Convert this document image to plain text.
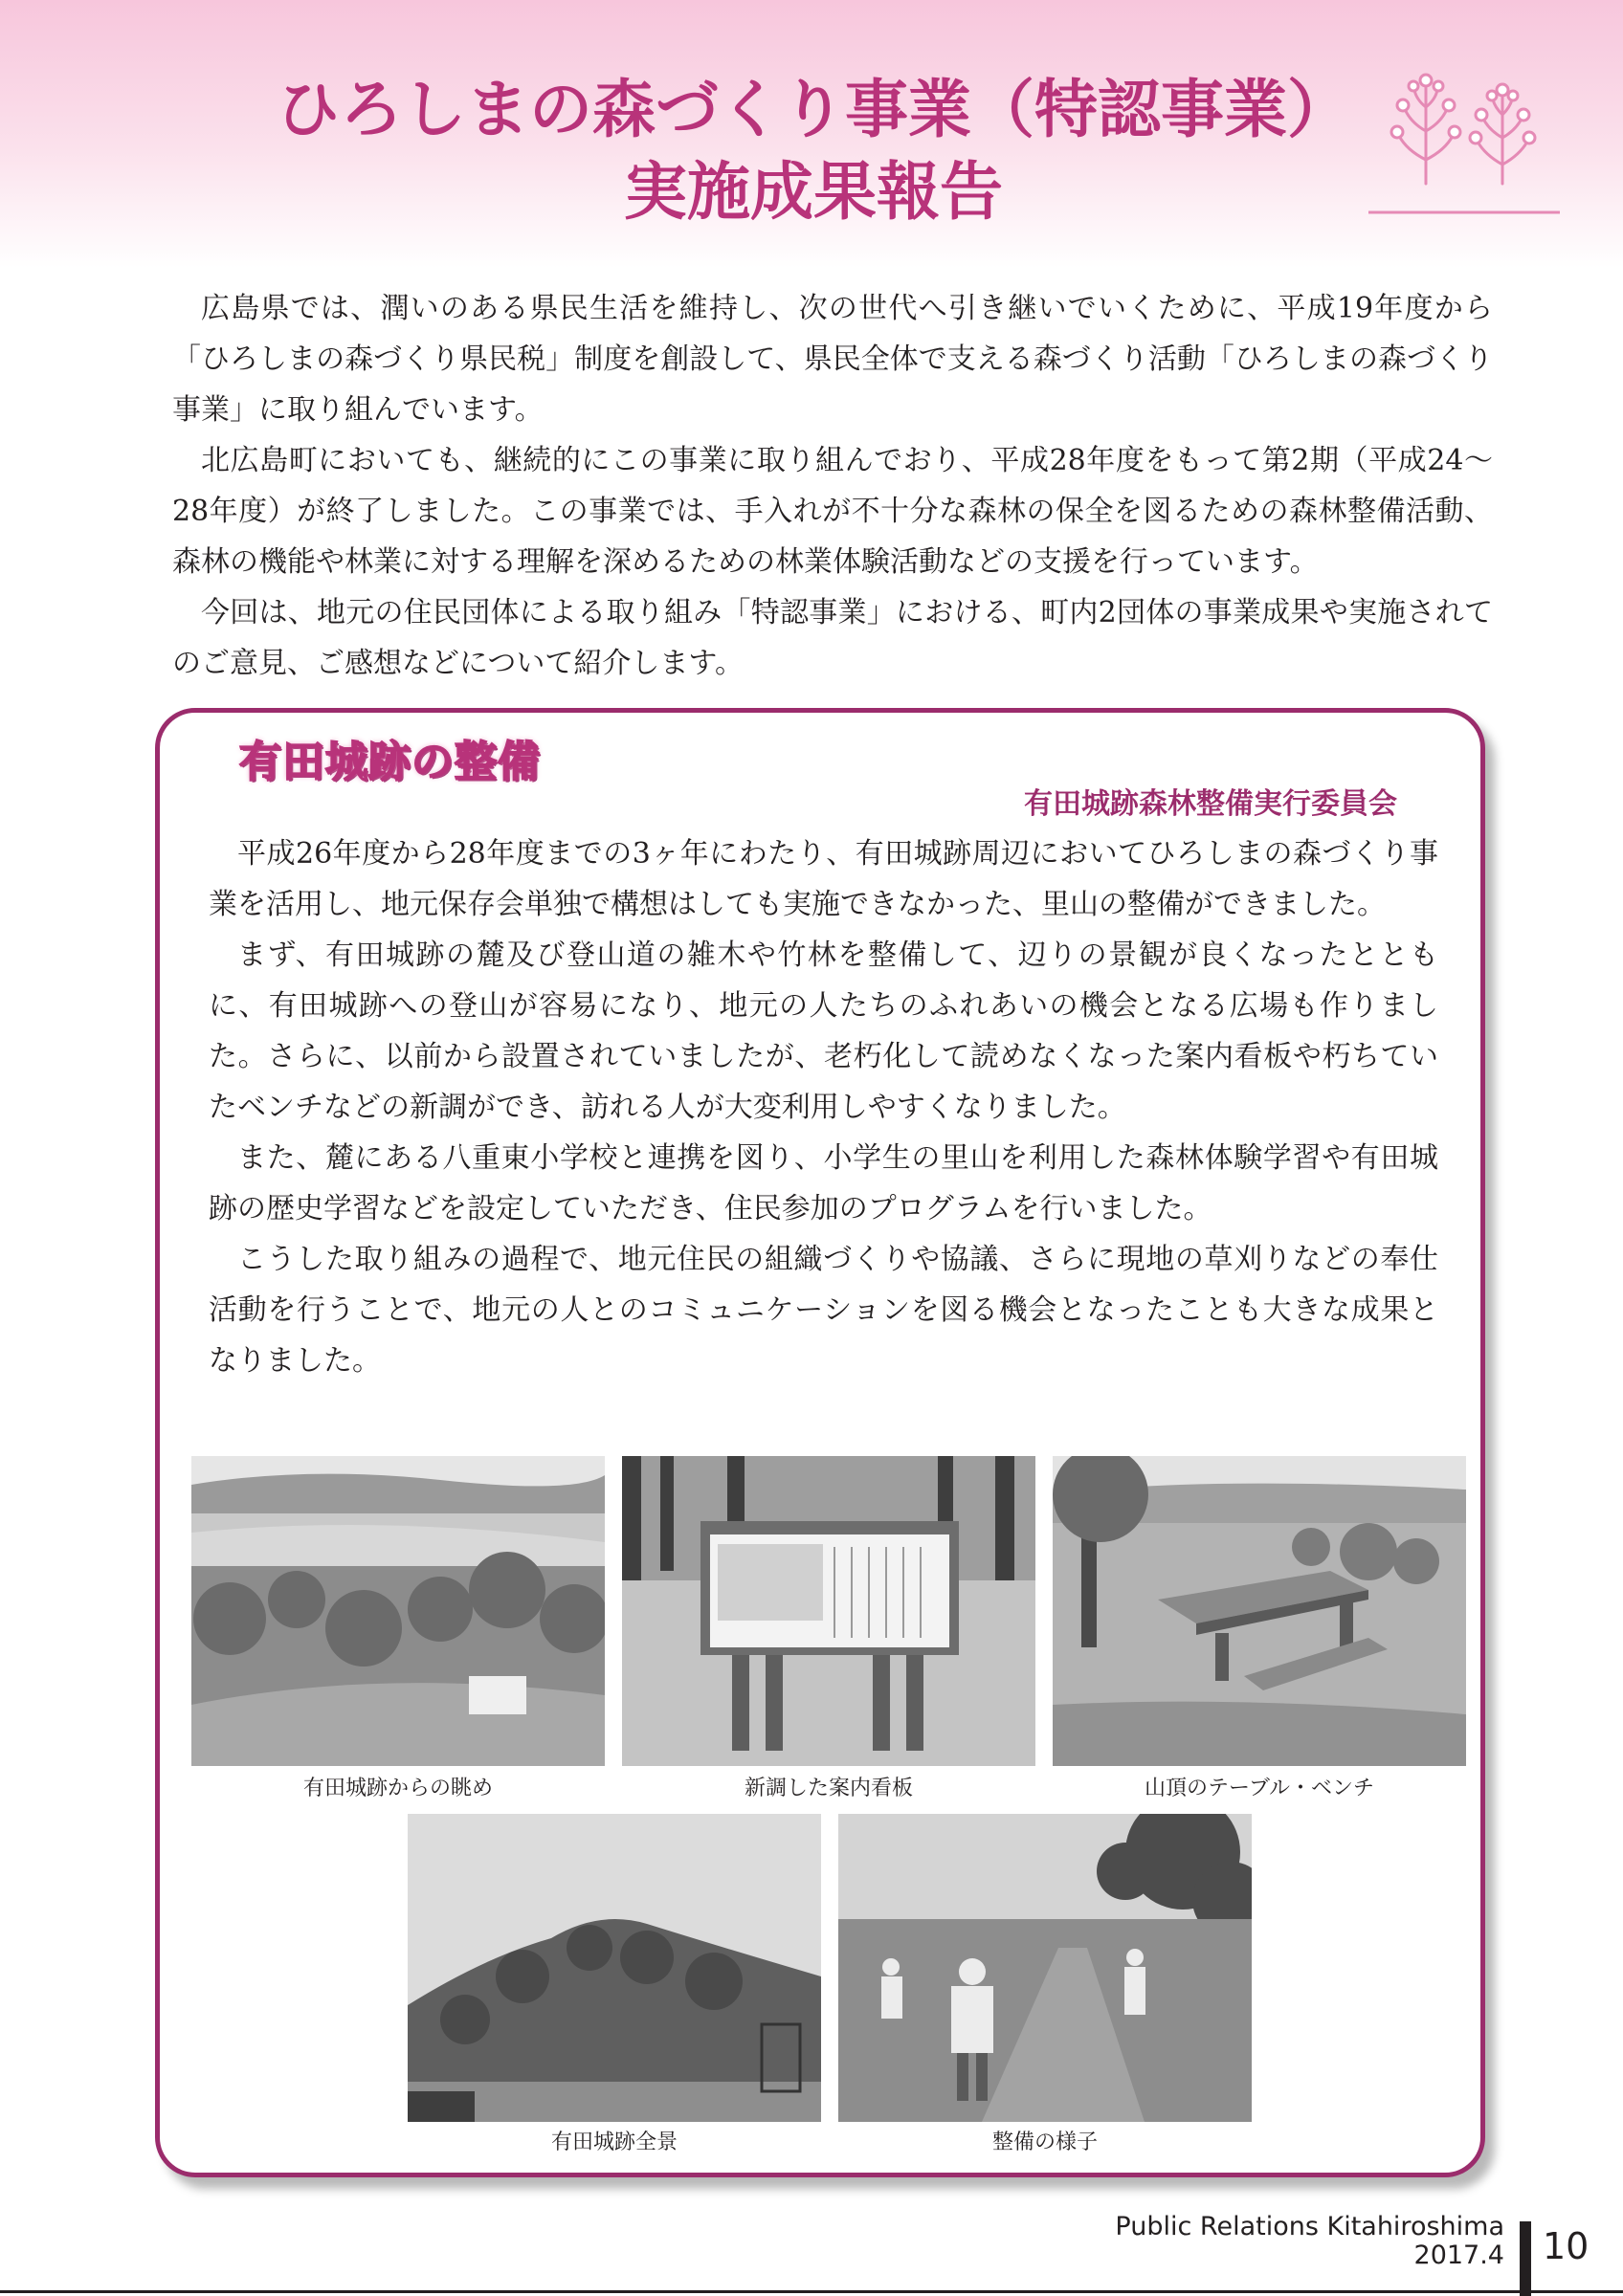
ひろしまの森づくり事業（特認事業）
実施成果報告

広島県では、潤いのある県民生活を維持し、次の世代へ引き継いでいくために、平成19年度から「ひろしまの森づくり県民税」制度を創設して、県民全体で支える森づくり活動「ひろしまの森づくり事業」に取り組んでいます。

北広島町においても、継続的にこの事業に取り組んでおり、平成28年度をもって第2期（平成24～28年度）が終了しました。この事業では、手入れが不十分な森林の保全を図るための森林整備活動、森林の機能や林業に対する理解を深めるための林業体験活動などの支援を行っています。

今回は、地元の住民団体による取り組み「特認事業」における、町内2団体の事業成果や実施されてのご意見、ご感想などについて紹介します。

有田城跡の整備
有田城跡森林整備実行委員会

平成26年度から28年度までの3ヶ年にわたり、有田城跡周辺においてひろしまの森づくり事業を活用し、地元保存会単独で構想はしても実施できなかった、里山の整備ができました。

まず、有田城跡の麓及び登山道の雑木や竹林を整備して、辺りの景観が良くなったとともに、有田城跡への登山が容易になり、地元の人たちのふれあいの機会となる広場も作りました。さらに、以前から設置されていましたが、老朽化して読めなくなった案内看板や朽ちていたベンチなどの新調ができ、訪れる人が大変利用しやすくなりました。

また、麓にある八重東小学校と連携を図り、小学生の里山を利用した森林体験学習や有田城跡の歴史学習などを設定していただき、住民参加のプログラムを行いました。

こうした取り組みの過程で、地元住民の組織づくりや協議、さらに現地の草刈りなどの奉仕活動を行うことで、地元の人とのコミュニケーションを図る機会となったことも大きな成果となりました。

有田城跡からの眺め	新調した案内看板	山頂のテーブル・ベンチ
有田城跡全景	整備の様子
Public Relations Kitahiroshima
2017.4 10
